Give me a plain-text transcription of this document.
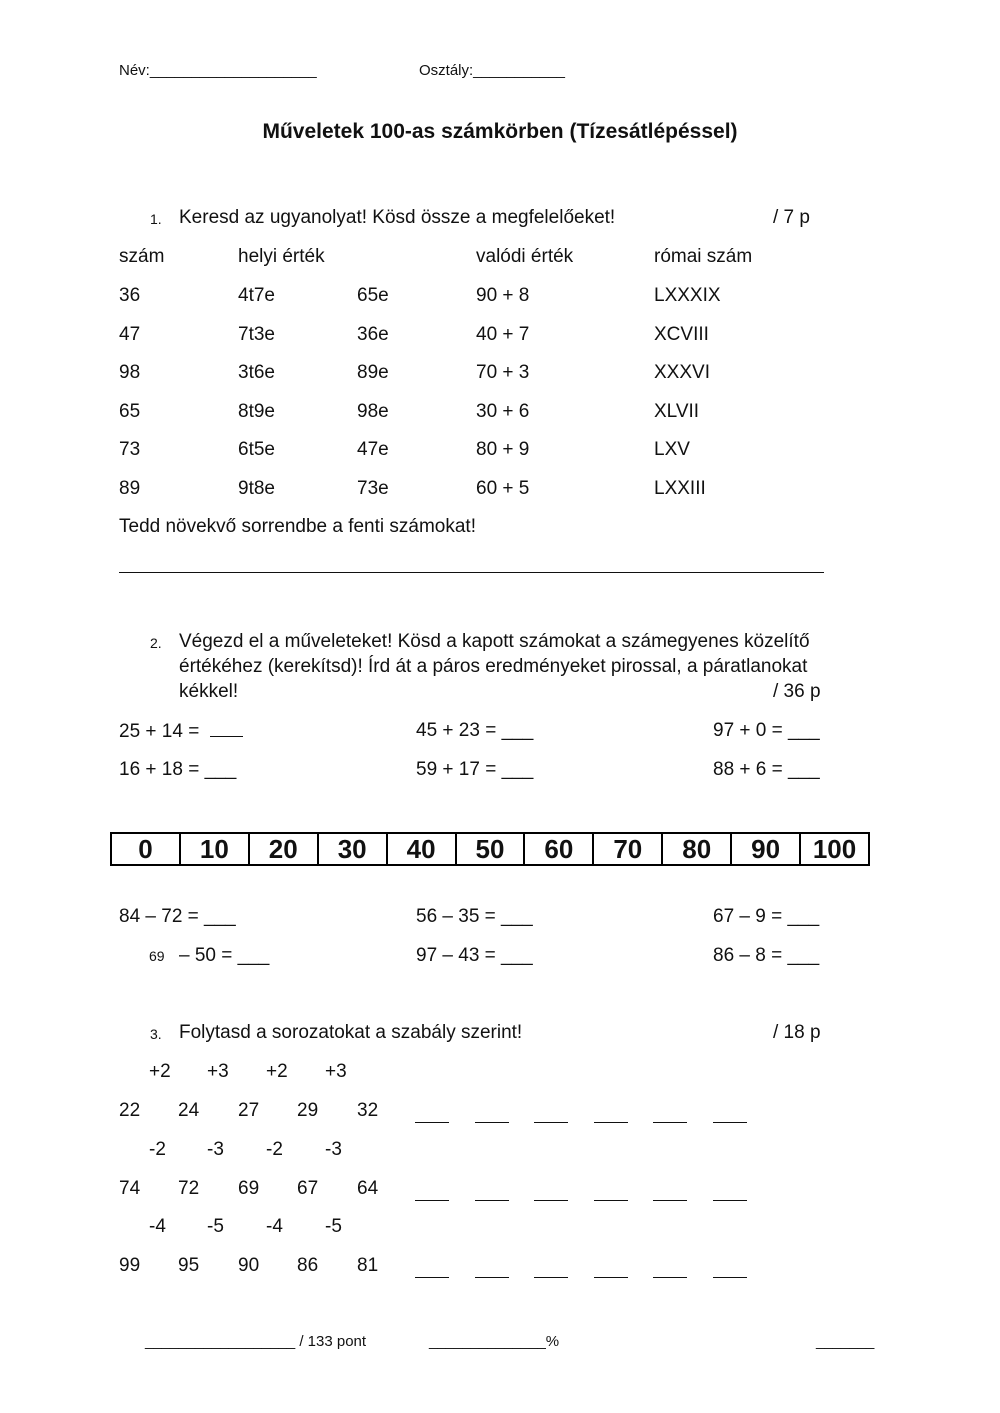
Név:____________________	Osztály:___________
Műveletek 100-as számkörben (Tízesátlépéssel)
1. Keresd az ugyanolyat! Kösd össze a megfelelőeket!	/ 7 p
szám	helyi érték	valódi érték	római szám
36	4t7e	65e	90 + 8	LXXXIX
47	7t3e	36e	40 + 7	XCVIII
98	3t6e	89e	70 + 3	XXXVI
65	8t9e	98e	30 + 6	XLVII
73	6t5e	47e	80 + 9	LXV
89	9t8e	73e	60 + 5	LXXIII
Tedd növekvő sorrendbe a fenti számokat!
2. Végezd el a műveleteket! Kösd a kapott számokat a számegyenes közelítő
értékéhez (kerekítsd)! Írd át a páros eredményeket pirossal, a páratlanokat
kékkel!	/ 36 p
25 + 14 =	45 + 23 = ___	97 + 0 = ___
16 + 18 = ___	59 + 17 = ___	88 + 6 = ___
0	10	20	30	40	50	60	70	80	90	100
84 – 72 = ___	56 – 35 = ___	67 – 9 = ___
69 – 50 = ___	97 – 43 = ___	86 – 8 = ___
3. Folytasd a sorozatokat a szabály szerint!	/ 18 p
+2 +3 +2 +3
22 24 27 29 32
-2 -3 -2 -3
74 72 69 67 64
-4 -5 -4 -5
99 95 90 86 81
__________________ / 133 pont	______________%	_______
